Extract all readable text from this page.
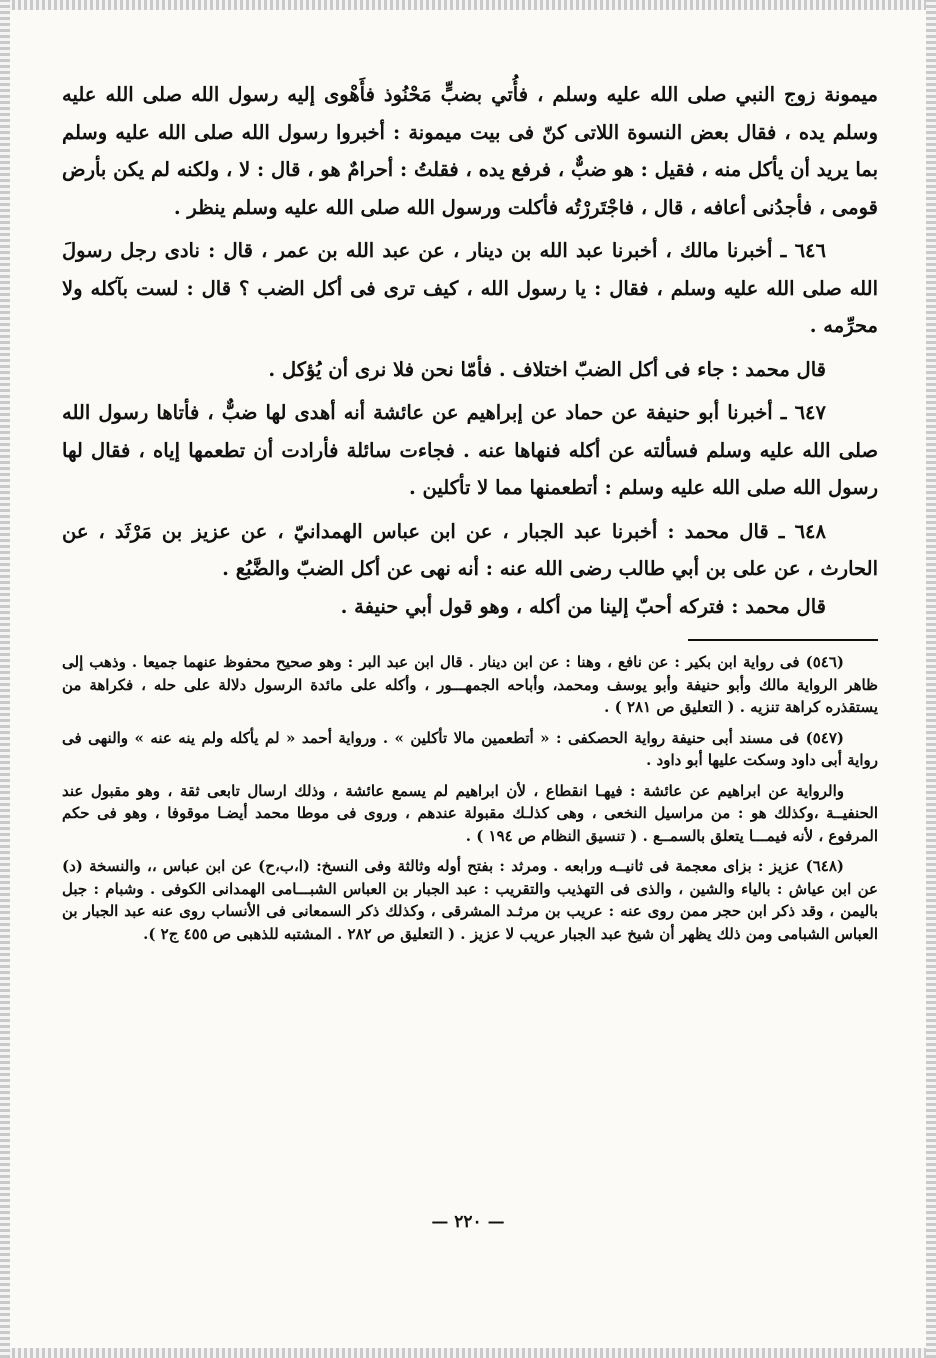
ميمونة زوج النبي صلى الله عليه وسلم ، فأُتي بضبٍّ مَحْنُوذ فأَهْوى إليه رسول الله صلى الله عليه وسلم يده ، فقال بعض النسوة اللاتى كنّ فى بيت ميمونة : أخبروا رسول الله صلى الله عليه وسلم بما يريد أن يأكل منه ، فقيل : هو ضبٌّ ، فرفع يده ، فقلتُ : أحرامٌ هو ، قال : لا ، ولكنه لم يكن بأرض قومى ، فأجدُنى أعافه ، قال ، فاجْتَررْتُه فأكلت ورسول الله صلى الله عليه وسلم ينظر .

٦٤٦ ـ أخبرنا مالك ، أخبرنا عبد الله بن دينار ، عن عبد الله بن عمر ، قال : نادى رجل رسولَ الله صلى الله عليه وسلم ، فقال : يا رسول الله ، كيف ترى فى أكل الضب ؟ قال : لست بآكله ولا محرِّمه .

قال محمد : جاء فى أكل الضبّ اختلاف . فأمّا نحن فلا نرى أن يُؤكل .

٦٤٧ ـ أخبرنا أبو حنيفة عن حماد عن إبراهيم عن عائشة أنه أهدى لها ضبٌّ ، فأتاها رسول الله صلى الله عليه وسلم فسألته عن أكله فنهاها عنه . فجاءت سائلة فأرادت أن تطعمها إياه ، فقال لها رسول الله صلى الله عليه وسلم : أتطعمنها مما لا تأكلين .

٦٤٨ ـ قال محمد : أخبرنا عبد الجبار ، عن ابن عباس الهمدانيّ ، عن عزيز بن مَرْثَد ، عن الحارث ، عن على بن أبي طالب رضى الله عنه : أنه نهى عن أكل الضبّ والضَّبُع .

قال محمد : فتركه أحبّ إلينا من أكله ، وهو قول أبي حنيفة .

(٥٤٦) فى رواية ابن بكير : عن نافع ، وهنا : عن ابن دينار . قال ابن عبد البر : وهو صحيح محفوظ عنهما جميعا . وذهب إلى ظاهر الرواية مالك وأبو حنيفة وأبو يوسف ومحمد، وأباحه الجمهـــور ، وأكله على مائدة الرسول دلالة على حله ، فكراهة من يستقذره كراهة تنزيه . ( التعليق ص ٢٨١ ) .

(٥٤٧) فى مسند أبى حنيفة رواية الحصكفى : « أتطعمين مالا تأكلين » . ورواية أحمد « لم يأكله ولم ينه عنه » والنهى فى رواية أبى داود وسكت عليها أبو داود .

والرواية عن ابراهيم عن عائشة : فيهـا انقطاع ، لأن ابراهيم لم يسمع عائشة ، وذلك ارسال تابعى ثقة ، وهو مقبول عند الحنفيــة ،وكذلك هو : من مراسيل النخعى ، وهى كذلـك مقبولة عندهم ، وروى فى موطا محمد أيضـا موقوفا ، وهو فى حكم المرفوع ، لأنه فيمـــا يتعلق بالسمــع . ( تنسيق النظام ص ١٩٤ ) .

(٦٤٨) عزيز : بزاى معجمة فى ثانيــه ورابعه . ومرثد : بفتح أوله وثالثة وفى النسخ: (ا،ب،ح) عن ابن عباس ،، والنسخة (د) عن ابن عياش : بالياء والشين ، والذى فى التهذيب والتقريب : عبد الجبار بن العباس الشبـــامى الهمدانى الكوفى . وشبام : جبل باليمن ، وقد ذكر ابن حجر ممن روى عنه : عريب بن مرثـد المشرقى ، وكذلك ذكر السمعانى فى الأنساب روى عنه عبد الجبار بن العباس الشبامى ومن ذلك يظهر أن شيخ عبد الجبار عريب لا عزيز . ( التعليق ص ٢٨٢ . المشتبه للذهبى ص ٤٥٥ ج٢ ).

— ٢٢٠ —
